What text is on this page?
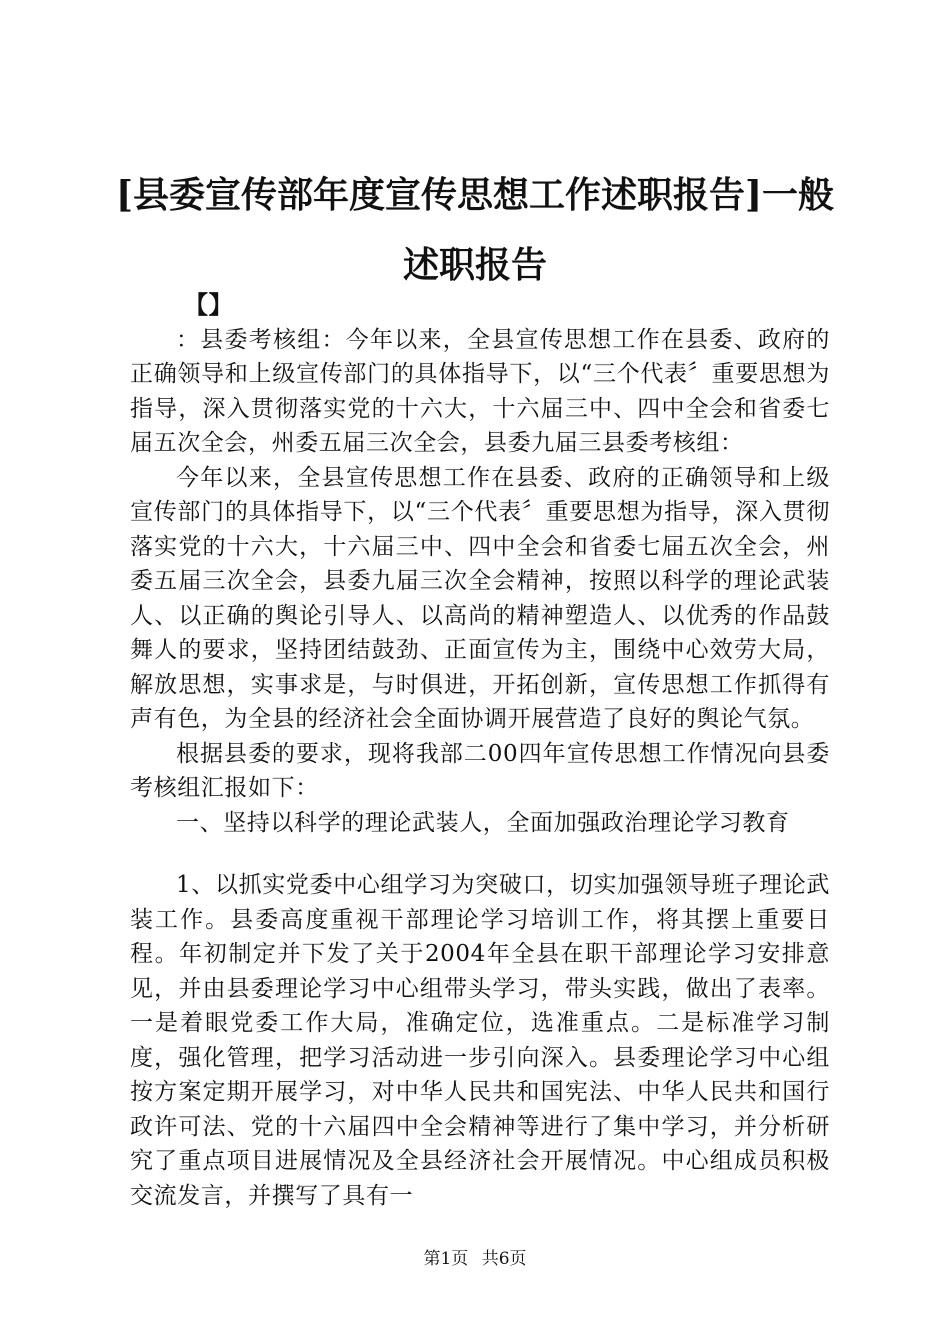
[县委宣传部年度宣传思想工作述职报告]一般述职报告
【】

：县委考核组：今年以来，全县宣传思想工作在县委、政府的正确领导和上级宣传部门的具体指导下，以“三个代表〞重要思想为指导，深入贯彻落实党的十六大，十六届三中、四中全会和省委七届五次全会，州委五届三次全会，县委九届三县委考核组：

今年以来，全县宣传思想工作在县委、政府的正确领导和上级宣传部门的具体指导下，以“三个代表〞重要思想为指导，深入贯彻落实党的十六大，十六届三中、四中全会和省委七届五次全会，州委五届三次全会，县委九届三次全会精神，按照以科学的理论武装人、以正确的舆论引导人、以高尚的精神塑造人、以优秀的作品鼓舞人的要求，坚持团结鼓劲、正面宣传为主，围绕中心效劳大局，解放思想，实事求是，与时俱进，开拓创新，宣传思想工作抓得有声有色，为全县的经济社会全面协调开展营造了良好的舆论气氛。

根据县委的要求，现将我部二00四年宣传思想工作情况向县委考核组汇报如下：

一、坚持以科学的理论武装人，全面加强政治理论学习教育

1、以抓实党委中心组学习为突破口，切实加强领导班子理论武装工作。县委高度重视干部理论学习培训工作，将其摆上重要日程。年初制定并下发了关于2004年全县在职干部理论学习安排意见，并由县委理论学习中心组带头学习，带头实践，做出了表率。一是着眼党委工作大局，准确定位，选准重点。二是标准学习制度，强化管理，把学习活动进一步引向深入。县委理论学习中心组按方案定期开展学习，对中华人民共和国宪法、中华人民共和国行政许可法、党的十六届四中全会精神等进行了集中学习，并分析研究了重点项目进展情况及全县经济社会开展情况。中心组成员积极交流发言，并撰写了具有一

第1页 共6页
